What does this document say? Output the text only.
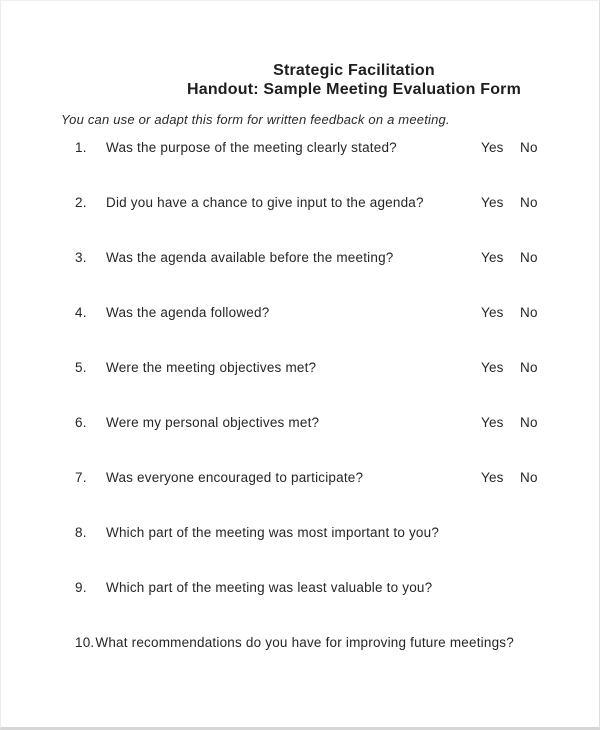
Strategic Facilitation
Handout: Sample Meeting Evaluation Form
You can use or adapt this form for written feedback on a meeting.
1. Was the purpose of the meeting clearly stated?	Yes No
2. Did you have a chance to give input to the agenda?	Yes No
3. Was the agenda available before the meeting?	Yes No
4. Was the agenda followed?	Yes No
5. Were the meeting objectives met?	Yes No
6. Were my personal objectives met?	Yes No
7. Was everyone encouraged to participate?	Yes No
8. Which part of the meeting was most important to you?
9. Which part of the meeting was least valuable to you?
10.What recommendations do you have for improving future meetings?
